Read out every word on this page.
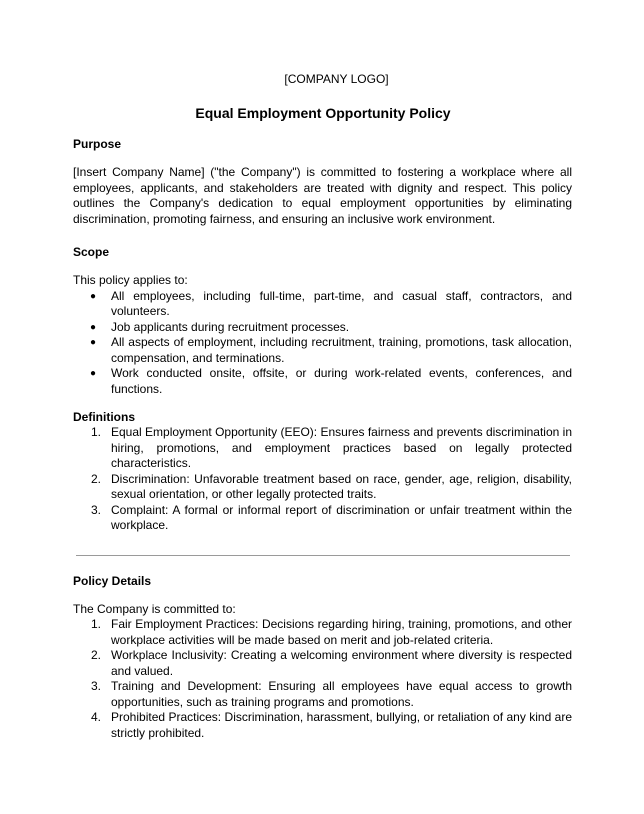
[COMPANY LOGO]
Equal Employment Opportunity Policy
Purpose

[Insert Company Name] ("the Company") is committed to fostering a workplace where all employees, applicants, and stakeholders are treated with dignity and respect. This policy outlines the Company's dedication to equal employment opportunities by eliminating discrimination, promoting fairness, and ensuring an inclusive work environment.

Scope

This policy applies to:

● All employees, including full-time, part-time, and casual staff, contractors, and volunteers.
● Job applicants during recruitment processes.
● All aspects of employment, including recruitment, training, promotions, task allocation, compensation, and terminations.
● Work conducted onsite, offsite, or during work-related events, conferences, and functions.
Definitions
1. Equal Employment Opportunity (EEO): Ensures fairness and prevents discrimination in hiring, promotions, and employment practices based on legally protected characteristics.
2. Discrimination: Unfavorable treatment based on race, gender, age, religion, disability, sexual orientation, or other legally protected traits.
3. Complaint: A formal or informal report of discrimination or unfair treatment within the workplace.
Policy Details

The Company is committed to:

1. Fair Employment Practices: Decisions regarding hiring, training, promotions, and other workplace activities will be made based on merit and job-related criteria.
2. Workplace Inclusivity: Creating a welcoming environment where diversity is respected and valued.
3. Training and Development: Ensuring all employees have equal access to growth opportunities, such as training programs and promotions.
4. Prohibited Practices: Discrimination, harassment, bullying, or retaliation of any kind are strictly prohibited.
